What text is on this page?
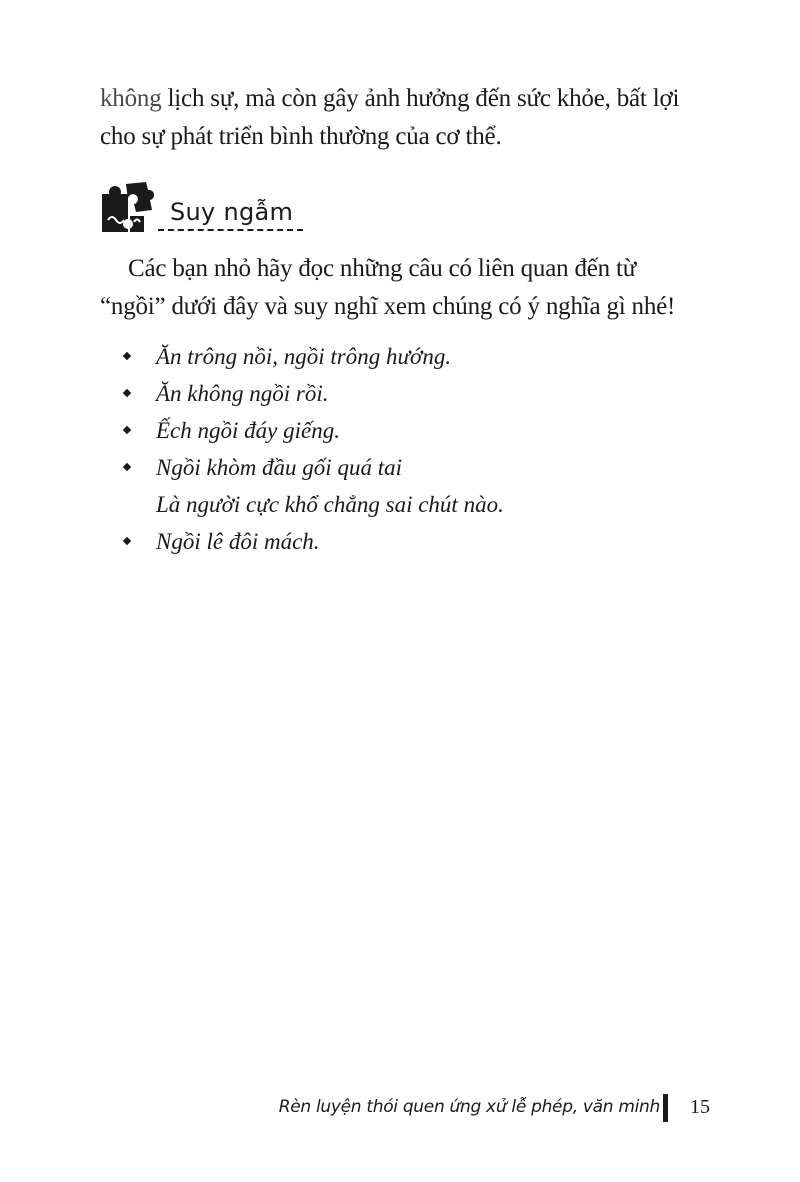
không lịch sự, mà còn gây ảnh hưởng đến sức khỏe, bất lợi
cho sự phát triển bình thường của cơ thể.
Suy ngẫm
Các bạn nhỏ hãy đọc những câu có liên quan đến từ
“ngồi” dưới đây và suy nghĩ xem chúng có ý nghĩa gì nhé!
Ăn trông nồi, ngồi trông hướng.
Ăn không ngồi rồi.
Ếch ngồi đáy giếng.
Ngồi khòm đầu gối quá tai
Là người cực khổ chẳng sai chút nào.
Ngồi lê đôi mách.
Rèn luyện thói quen ứng xử lễ phép, văn minh 15
